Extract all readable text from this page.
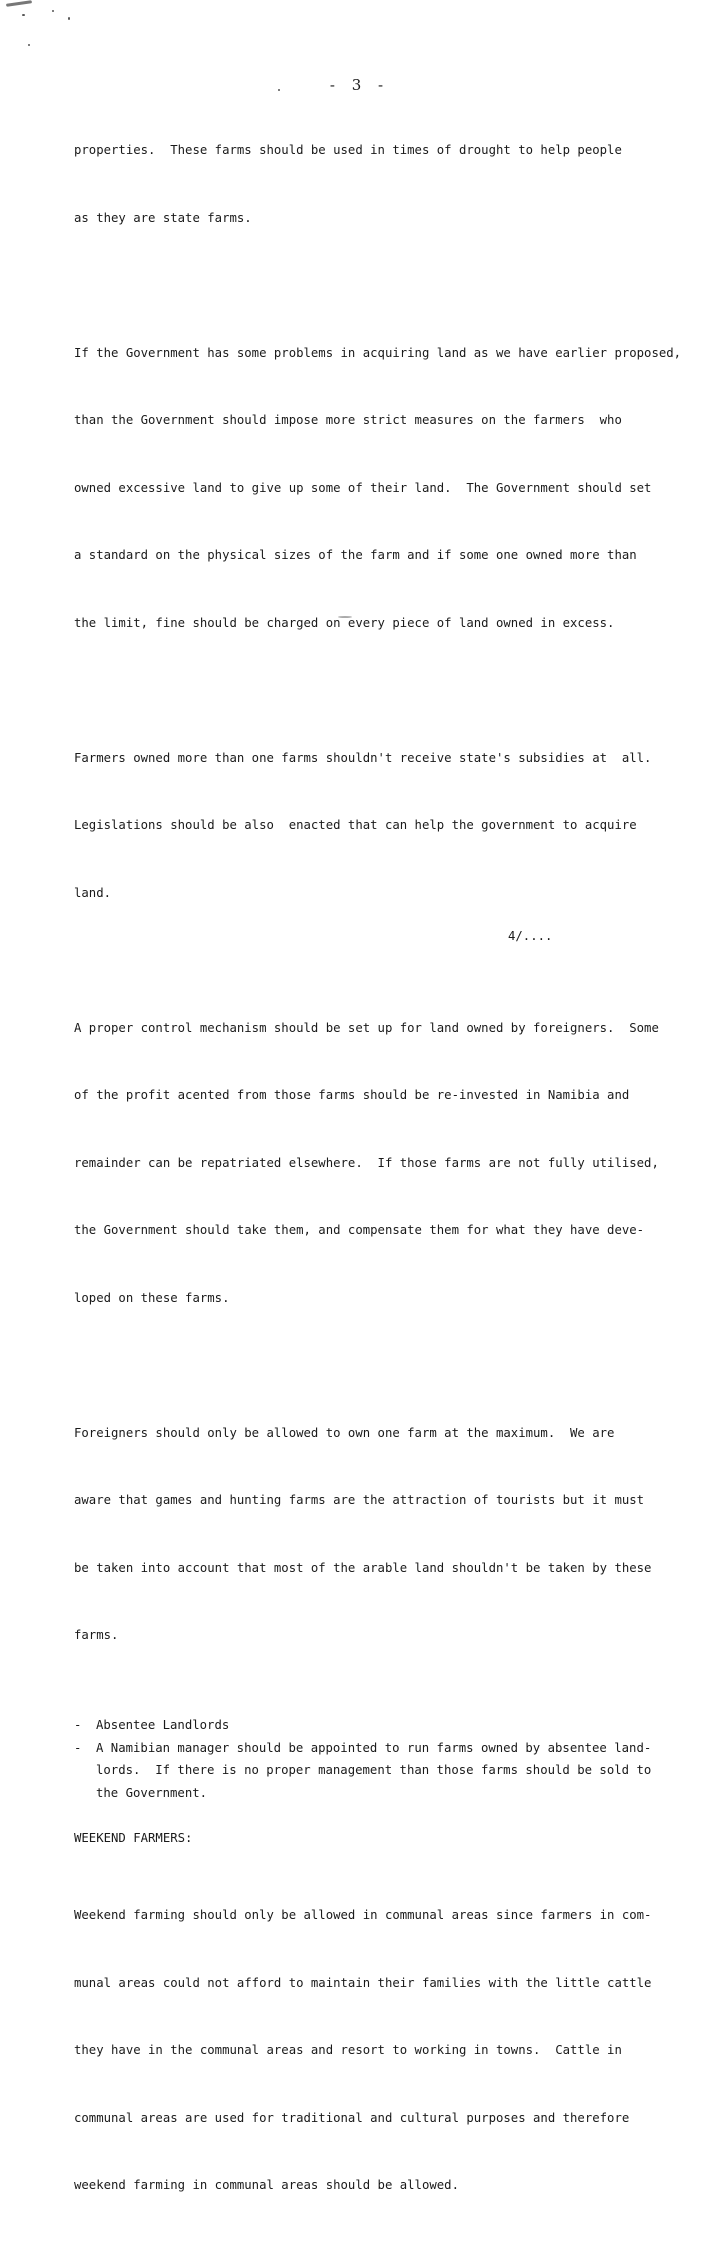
- 3 -

properties.  These farms should be used in times of drought to help people

as they are state farms.

If the Government has some problems in acquiring land as we have earlier proposed,

than the Government should impose more strict measures on the farmers  who

owned excessive land to give up some of their land.  The Government should set

a standard on the physical sizes of the farm and if some one owned more than

the limit, fine should be charged on every piece of land owned in excess.

Farmers owned more than one farms shouldn't receive state's subsidies at  all.

Legislations should be also  enacted that can help the government to acquire

land.

A proper control mechanism should be set up for land owned by foreigners.  Some

of the profit acented from those farms should be re-invested in Namibia and

remainder can be repatriated elsewhere.  If those farms are not fully utilised,

the Government should take them, and compensate them for what they have deve-

loped on these farms.

Foreigners should only be allowed to own one farm at the maximum.  We are

aware that games and hunting farms are the attraction of tourists but it must

be taken into account that most of the arable land shouldn't be taken by these

farms.

- Absentee Landlords
- A Namibian manager should be appointed to run farms owned by absentee land-
lords.  If there is no proper management than those farms should be sold to
the Government.
WEEKEND FARMERS:

Weekend farming should only be allowed in communal areas since farmers in com-

munal areas could not afford to maintain their families with the little cattle

they have in the communal areas and resort to working in towns.  Cattle in

communal areas are used for traditional and cultural purposes and therefore

weekend farming in communal areas should be allowed.

4/....
